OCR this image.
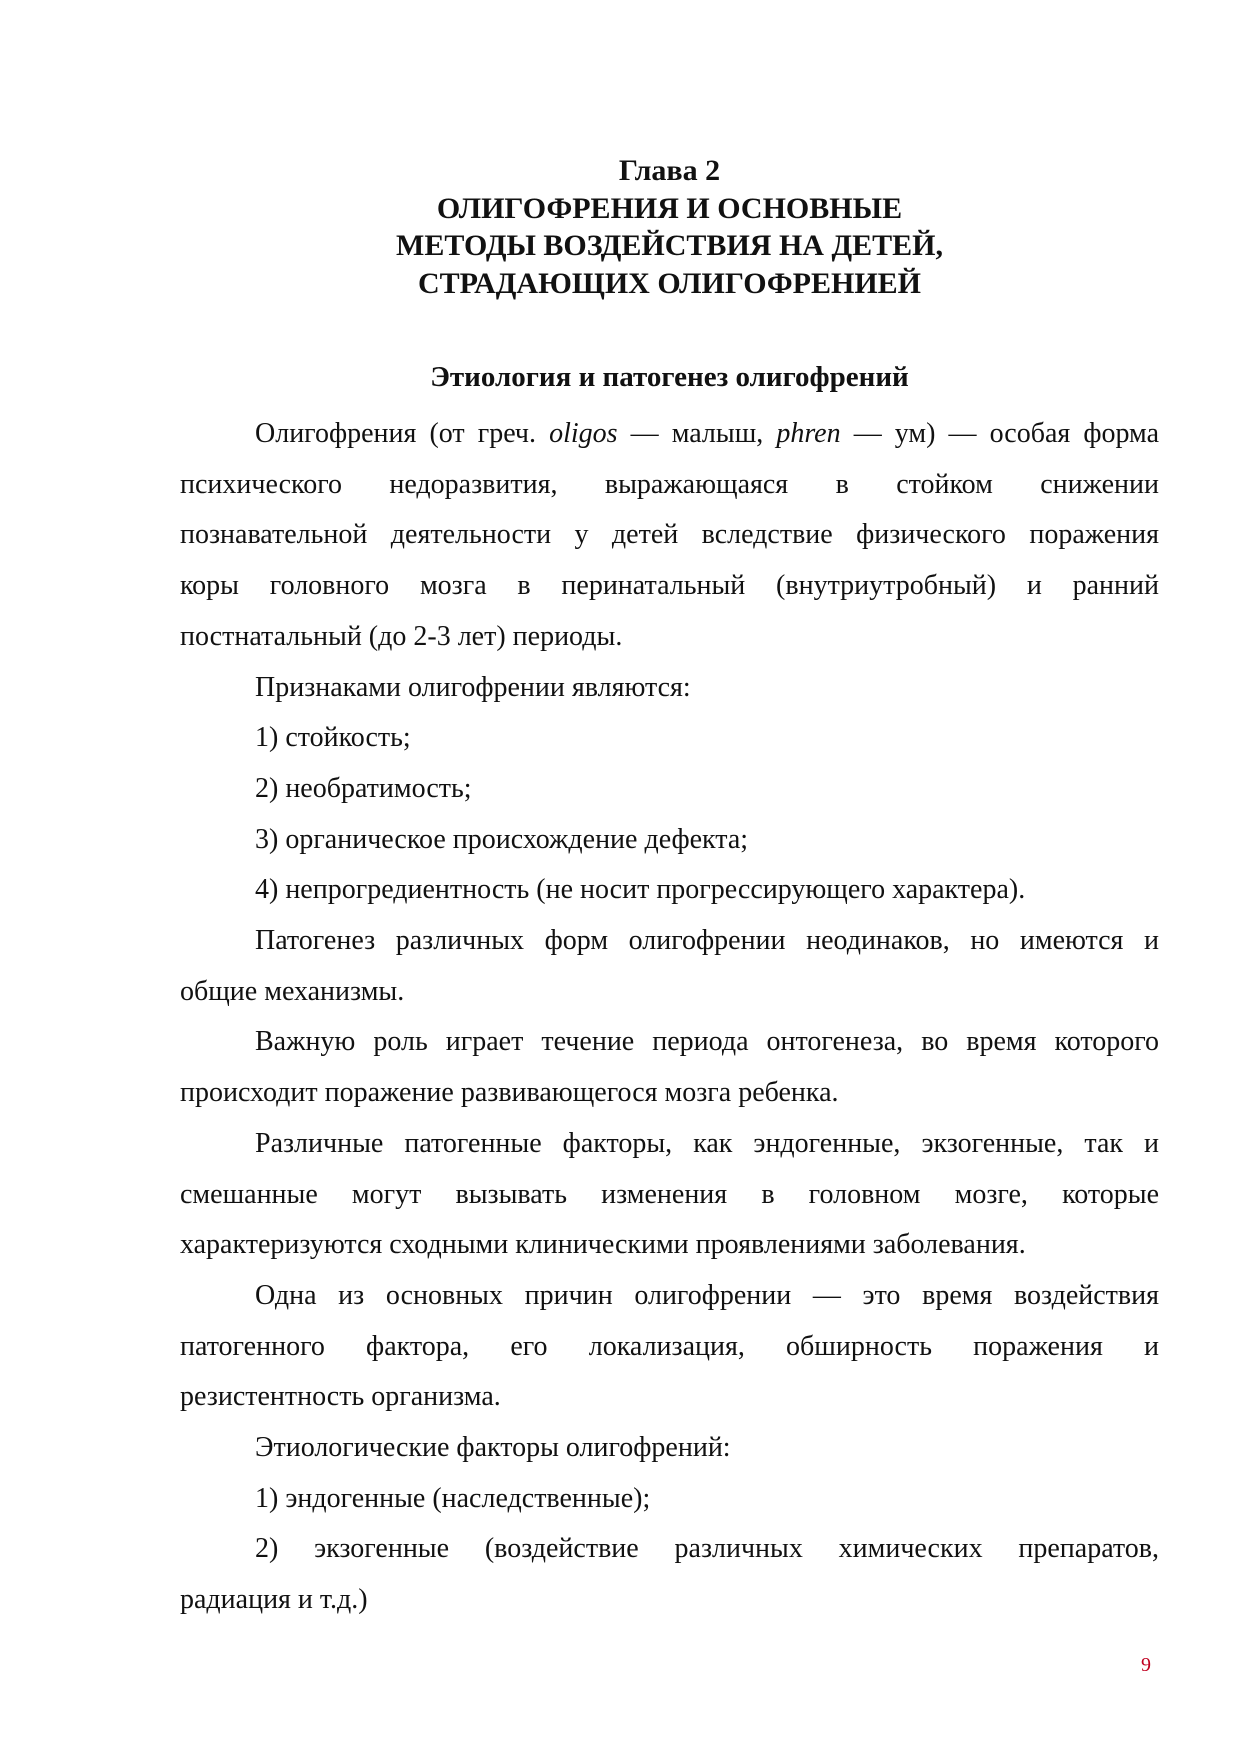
Глава 2
ОЛИГОФРЕНИЯ И ОСНОВНЫЕ
МЕТОДЫ ВОЗДЕЙСТВИЯ НА ДЕТЕЙ,
СТРАДАЮЩИХ ОЛИГОФРЕНИЕЙ
Этиология и патогенез олигофрений
Олигофрения (от греч. oligos — малыш, phren — ум) — особая форма
психического недоразвития, выражающаяся в стойком снижении
познавательной деятельности у детей вследствие физического поражения
коры головного мозга в перинатальный (внутриутробный) и ранний
постнатальный (до 2-3 лет) периоды.
Признаками олигофрении являются:
1) стойкость;
2) необратимость;
3) органическое происхождение дефекта;
4) непрогредиентность (не носит прогрессирующего характера).
Патогенез различных форм олигофрении неодинаков, но имеются и
общие механизмы.
Важную роль играет течение периода онтогенеза, во время которого
происходит поражение развивающегося мозга ребенка.
Различные патогенные факторы, как эндогенные, экзогенные, так и
смешанные могут вызывать изменения в головном мозге, которые
характеризуются сходными клиническими проявлениями заболевания.
Одна из основных причин олигофрении — это время воздействия
патогенного фактора, его локализация, обширность поражения и
резистентность организма.
Этиологические факторы олигофрений:
1) эндогенные (наследственные);
2) экзогенные (воздействие различных химических препаратов,
радиация и т.д.)
9
